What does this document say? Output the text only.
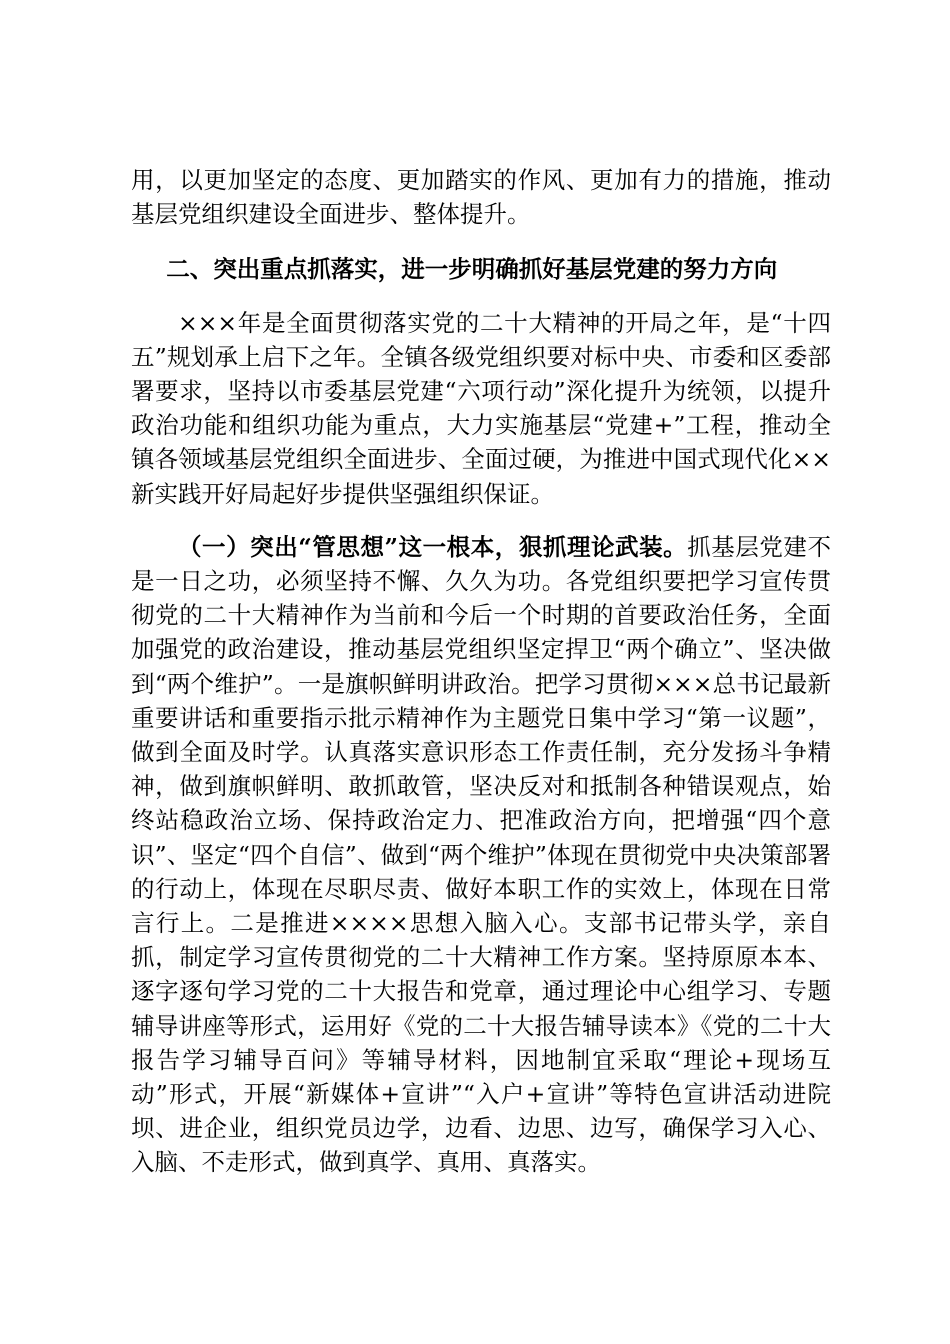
用，以更加坚定的态度、更加踏实的作风、更加有力的措施，推动基层党组织建设全面进步、整体提升。

二、突出重点抓落实，进一步明确抓好基层党建的努力方向

×××年是全面贯彻落实党的二十大精神的开局之年，是“十四五”规划承上启下之年。全镇各级党组织要对标中央、市委和区委部署要求，坚持以市委基层党建“六项行动”深化提升为统领，以提升政治功能和组织功能为重点，大力实施基层“党建+”工程，推动全镇各领域基层党组织全面进步、全面过硬，为推进中国式现代化××新实践开好局起好步提供坚强组织保证。

（一）突出“管思想”这一根本，狠抓理论武装。抓基层党建不是一日之功，必须坚持不懈、久久为功。各党组织要把学习宣传贯彻党的二十大精神作为当前和今后一个时期的首要政治任务，全面加强党的政治建设，推动基层党组织坚定捍卫“两个确立”、坚决做到“两个维护”。一是旗帜鲜明讲政治。把学习贯彻×××总书记最新重要讲话和重要指示批示精神作为主题党日集中学习“第一议题”，做到全面及时学。认真落实意识形态工作责任制，充分发扬斗争精神，做到旗帜鲜明、敢抓敢管，坚决反对和抵制各种错误观点，始终站稳政治立场、保持政治定力、把准政治方向，把增强“四个意识”、坚定“四个自信”、做到“两个维护”体现在贯彻党中央决策部署的行动上，体现在尽职尽责、做好本职工作的实效上，体现在日常言行上。二是推进××××思想入脑入心。支部书记带头学，亲自抓，制定学习宣传贯彻党的二十大精神工作方案。坚持原原本本、逐字逐句学习党的二十大报告和党章，通过理论中心组学习、专题辅导讲座等形式，运用好《党的二十大报告辅导读本》《党的二十大报告学习辅导百问》等辅导材料，因地制宜采取“理论+现场互动”形式，开展“新媒体+宣讲”“入户+宣讲”等特色宣讲活动进院坝、进企业，组织党员边学，边看、边思、边写，确保学习入心、入脑、不走形式，做到真学、真用、真落实。
